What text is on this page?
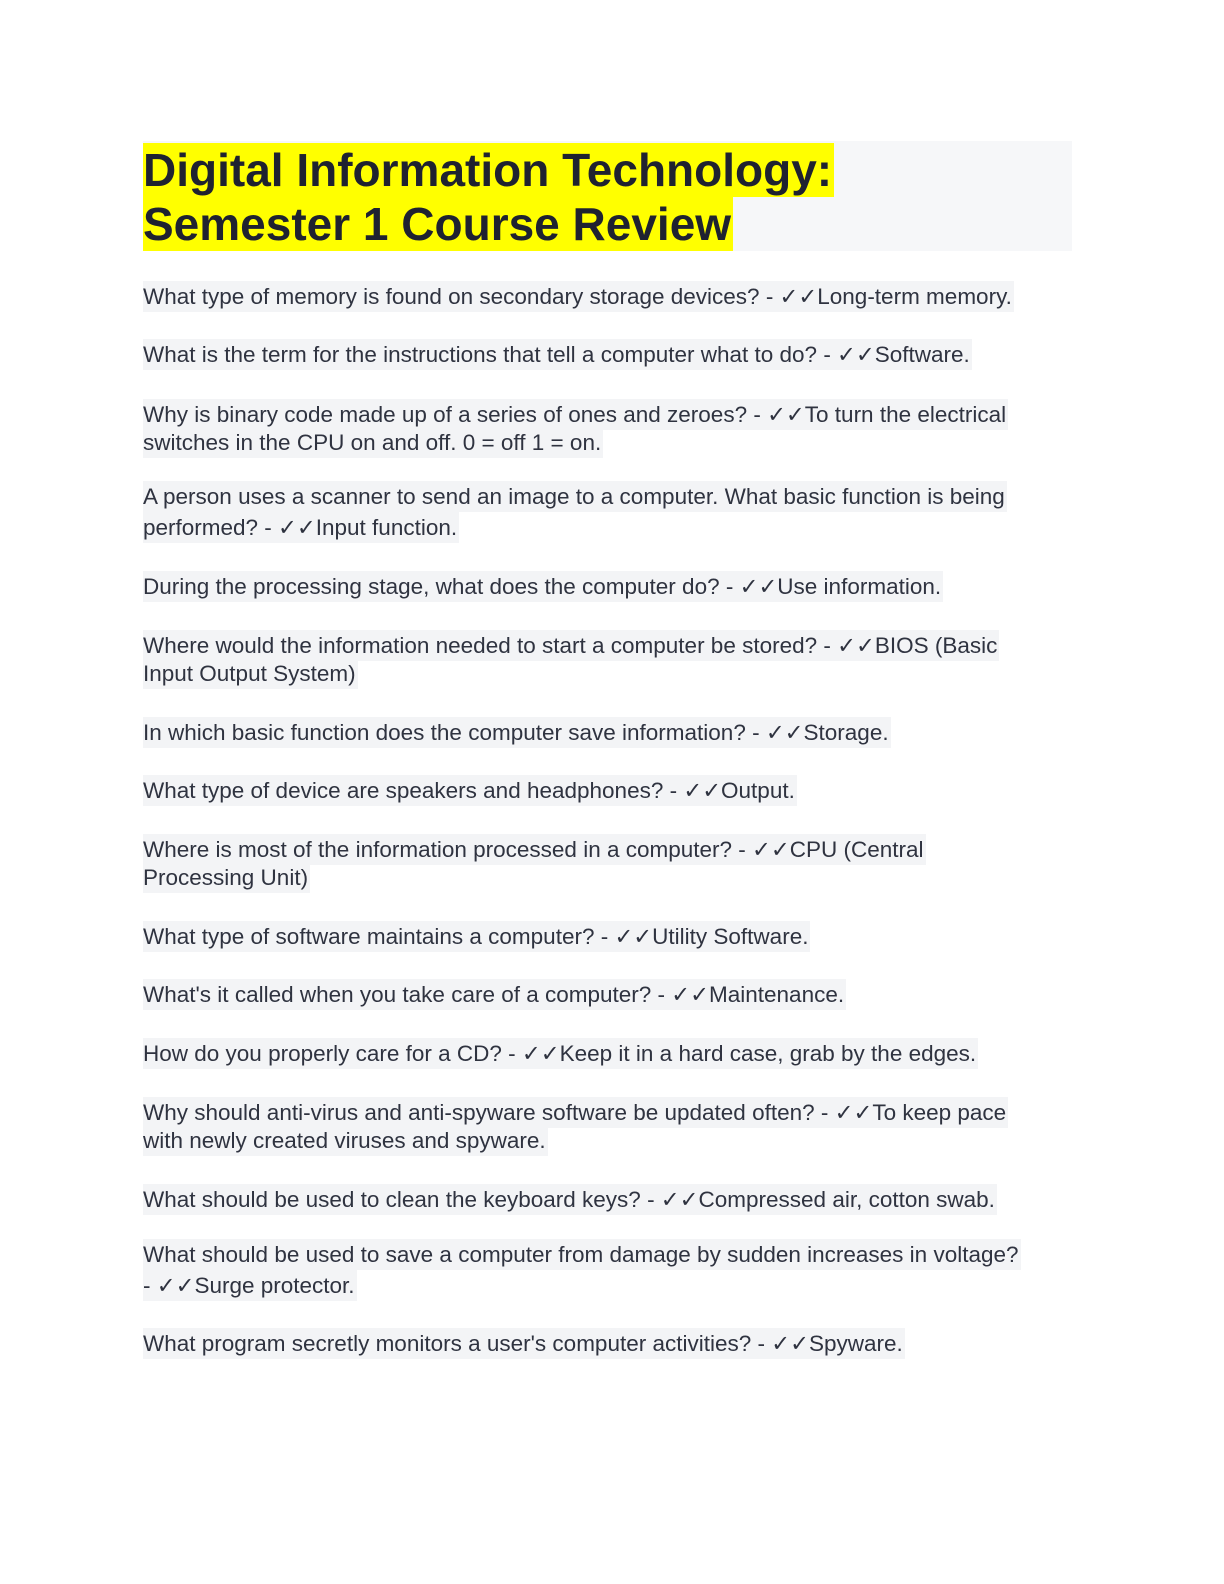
Digital Information Technology:
Semester 1 Course Review
What type of memory is found on secondary storage devices? - ✓✓Long-term memory.
What is the term for the instructions that tell a computer what to do? - ✓✓Software.
Why is binary code made up of a series of ones and zeroes? - ✓✓To turn the electrical
switches in the CPU on and off. 0 = off 1 = on.
A person uses a scanner to send an image to a computer. What basic function is being
performed? - ✓✓Input function.
During the processing stage, what does the computer do? - ✓✓Use information.
Where would the information needed to start a computer be stored? - ✓✓BIOS (Basic
Input Output System)
In which basic function does the computer save information? - ✓✓Storage.
What type of device are speakers and headphones? - ✓✓Output.
Where is most of the information processed in a computer? - ✓✓CPU (Central
Processing Unit)
What type of software maintains a computer? - ✓✓Utility Software.
What's it called when you take care of a computer? - ✓✓Maintenance.
How do you properly care for a CD? - ✓✓Keep it in a hard case, grab by the edges.
Why should anti-virus and anti-spyware software be updated often? - ✓✓To keep pace
with newly created viruses and spyware.
What should be used to clean the keyboard keys? - ✓✓Compressed air, cotton swab.
What should be used to save a computer from damage by sudden increases in voltage?
- ✓✓Surge protector.
What program secretly monitors a user's computer activities? - ✓✓Spyware.
